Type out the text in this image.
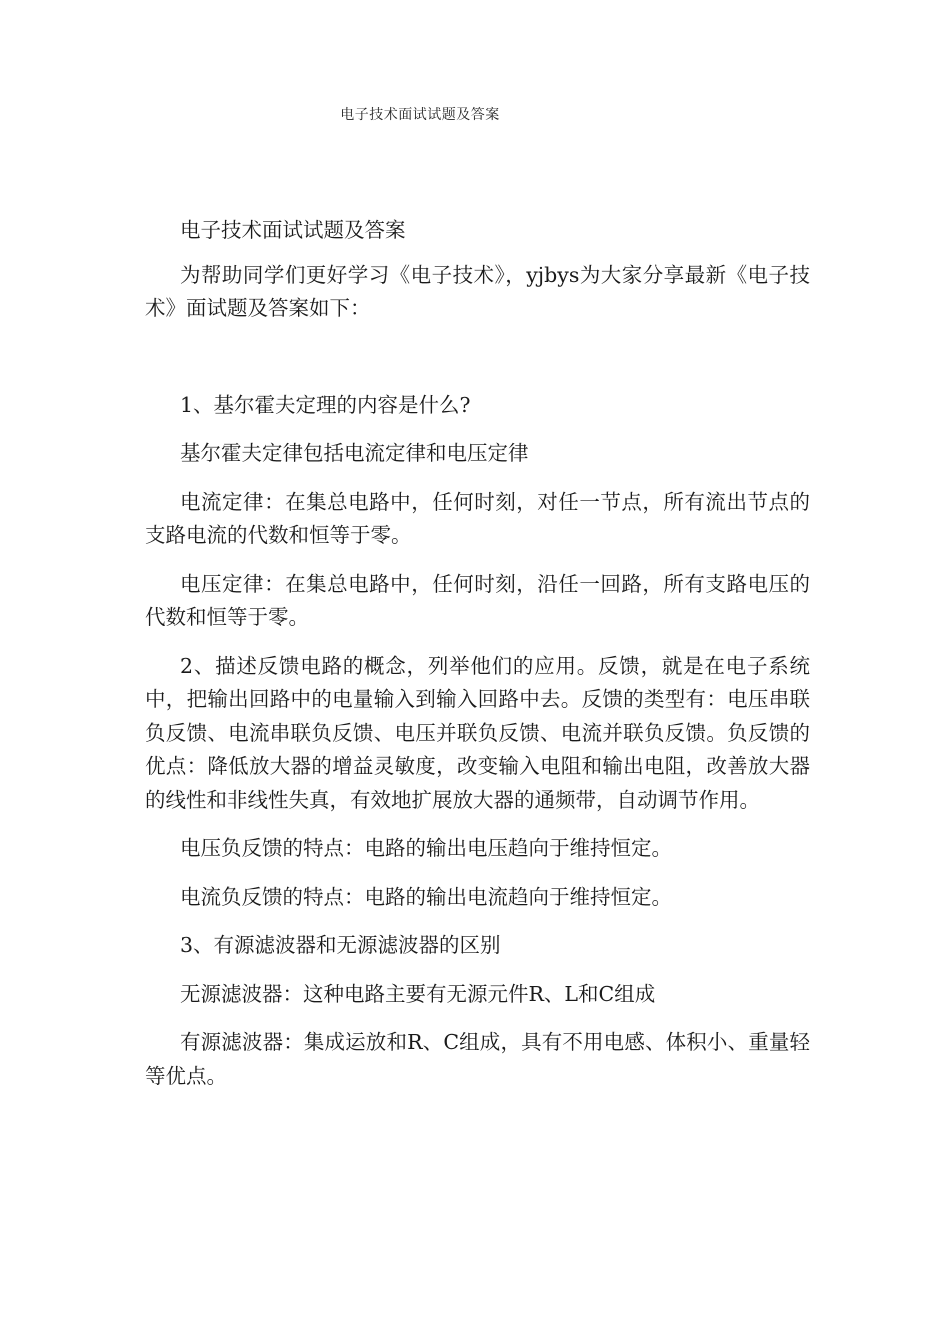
电子技术面试试题及答案

电子技术面试试题及答案

为帮助同学们更好学习《电子技术》，yjbys为大家分享最新《电子技术》面试题及答案如下：

1、基尔霍夫定理的内容是什么?

基尔霍夫定律包括电流定律和电压定律

电流定律：在集总电路中，任何时刻，对任一节点，所有流出节点的支路电流的代数和恒等于零。

电压定律：在集总电路中，任何时刻，沿任一回路，所有支路电压的代数和恒等于零。

2、描述反馈电路的概念，列举他们的应用。反馈，就是在电子系统中，把输出回路中的电量输入到输入回路中去。反馈的类型有：电压串联负反馈、电流串联负反馈、电压并联负反馈、电流并联负反馈。负反馈的优点：降低放大器的增益灵敏度，改变输入电阻和输出电阻，改善放大器的线性和非线性失真，有效地扩展放大器的通频带，自动调节作用。

电压负反馈的特点：电路的输出电压趋向于维持恒定。

电流负反馈的特点：电路的输出电流趋向于维持恒定。

3、有源滤波器和无源滤波器的区别

无源滤波器：这种电路主要有无源元件R、L和C组成

有源滤波器：集成运放和R、C组成，具有不用电感、体积小、重量轻等优点。
